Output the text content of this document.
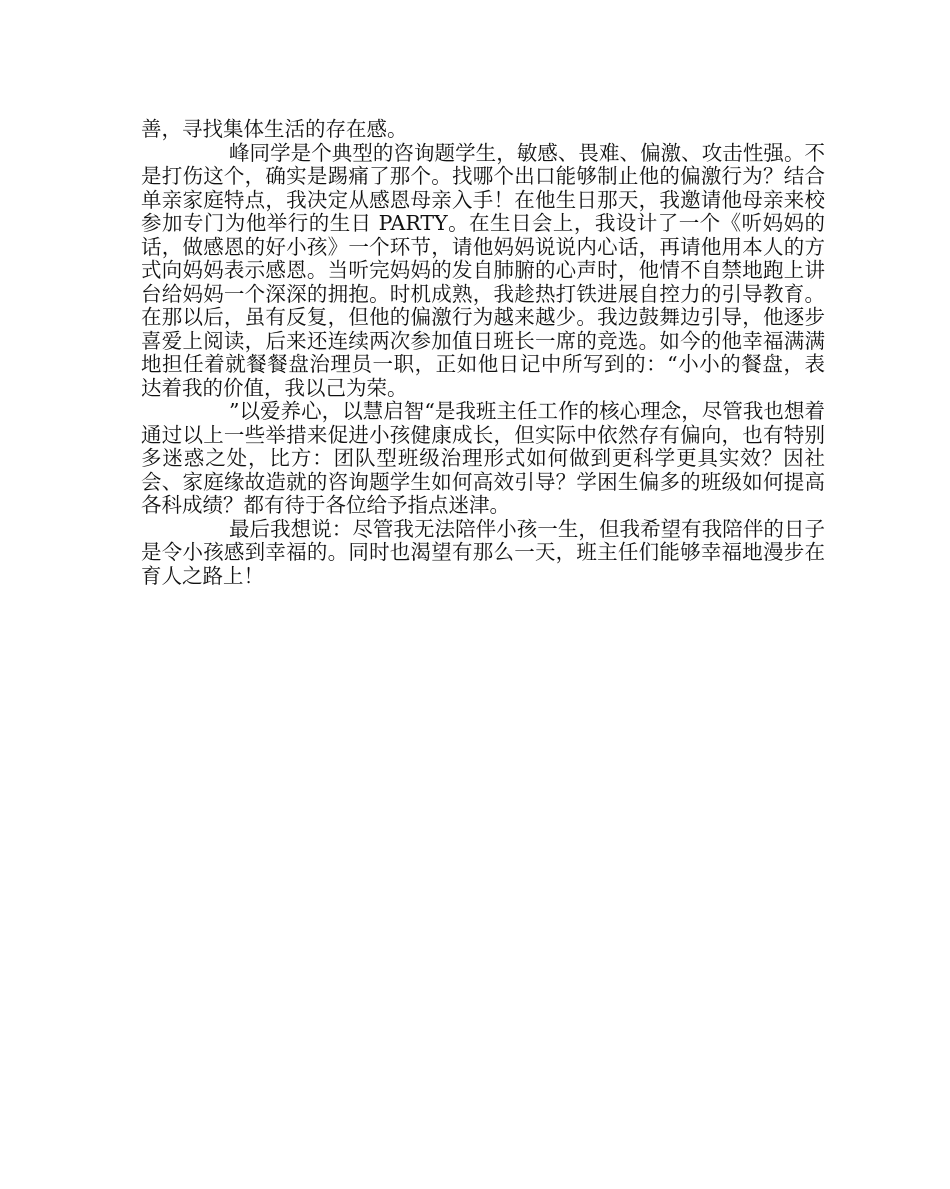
善，寻找集体生活的存在感。

峰同学是个典型的咨询题学生，敏感、畏难、偏激、攻击性强。不是打伤这个，确实是踢痛了那个。找哪个出口能够制止他的偏激行为？结合单亲家庭特点，我决定从感恩母亲入手！在他生日那天，我邀请他母亲来校参加专门为他举行的生日 PARTY。在生日会上，我设计了一个《听妈妈的话，做感恩的好小孩》一个环节，请他妈妈说说内心话，再请他用本人的方式向妈妈表示感恩。当听完妈妈的发自肺腑的心声时，他情不自禁地跑上讲台给妈妈一个深深的拥抱。时机成熟，我趁热打铁进展自控力的引导教育。在那以后，虽有反复，但他的偏激行为越来越少。我边鼓舞边引导，他逐步喜爱上阅读，后来还连续两次参加值日班长一席的竞选。如今的他幸福满满地担任着就餐餐盘治理员一职，正如他日记中所写到的：“小小的餐盘，表达着我的价值，我以己为荣。

”以爱养心，以慧启智“是我班主任工作的核心理念，尽管我也想着通过以上一些举措来促进小孩健康成长，但实际中依然存有偏向，也有特别多迷惑之处，比方：团队型班级治理形式如何做到更科学更具实效？因社会、家庭缘故造就的咨询题学生如何高效引导？学困生偏多的班级如何提高各科成绩？都有待于各位给予指点迷津。

最后我想说：尽管我无法陪伴小孩一生，但我希望有我陪伴的日子是令小孩感到幸福的。同时也渴望有那么一天，班主任们能够幸福地漫步在育人之路上！
